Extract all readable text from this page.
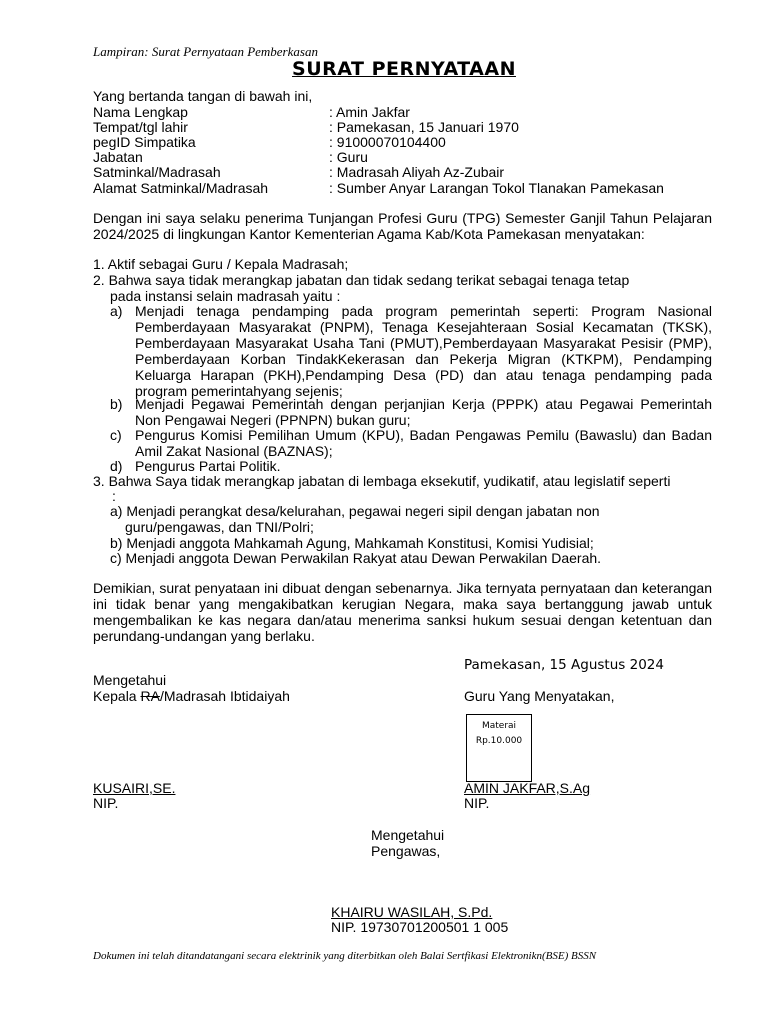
Lampiran: Surat Pernyataan Pemberkasan
SURAT PERNYATAAN
Yang bertanda tangan di bawah ini,
Nama Lengkap	: Amin Jakfar
Tempat/tgl lahir	: Pamekasan, 15 Januari 1970
pegID Simpatika	: 91000070104400
Jabatan	: Guru
Satminkal/Madrasah	: Madrasah Aliyah Az-Zubair
Alamat Satminkal/Madrasah	: Sumber Anyar Larangan Tokol Tlanakan Pamekasan
Dengan ini saya selaku penerima Tunjangan Profesi Guru (TPG) Semester Ganjil Tahun Pelajaran 2024/2025 di lingkungan Kantor Kementerian Agama Kab/Kota Pamekasan menyatakan:
1. Aktif sebagai Guru / Kepala Madrasah;
2. Bahwa saya tidak merangkap jabatan dan tidak sedang terikat sebagai tenaga tetap
pada instansi selain madrasah yaitu :
a) Menjadi tenaga pendamping pada program pemerintah seperti: Program Nasional Pemberdayaan Masyarakat (PNPM), Tenaga Kesejahteraan Sosial Kecamatan (TKSK), Pemberdayaan Masyarakat Usaha Tani (PMUT),Pemberdayaan Masyarakat Pesisir (PMP), Pemberdayaan Korban TindakKekerasan dan Pekerja Migran (KTKPM), Pendamping Keluarga Harapan (PKH),Pendamping Desa (PD) dan atau tenaga pendamping pada program pemerintahyang sejenis;
b) Menjadi Pegawai Pemerintah dengan perjanjian Kerja (PPPK) atau Pegawai Pemerintah Non Pengawai Negeri (PPNPN) bukan guru;
c) Pengurus Komisi Pemilihan Umum (KPU), Badan Pengawas Pemilu (Bawaslu) dan Badan Amil Zakat Nasional (BAZNAS);
d) Pengurus Partai Politik.
3. Bahwa Saya tidak merangkap jabatan di lembaga eksekutif, yudikatif, atau legislatif seperti
:
a) Menjadi perangkat desa/kelurahan, pegawai negeri sipil dengan jabatan non
guru/pengawas, dan TNI/Polri;
b) Menjadi anggota Mahkamah Agung, Mahkamah Konstitusi, Komisi Yudisial;
c) Menjadi anggota Dewan Perwakilan Rakyat atau Dewan Perwakilan Daerah.
Demikian, surat penyataan ini dibuat dengan sebenarnya. Jika ternyata pernyataan dan keterangan ini tidak benar yang mengakibatkan kerugian Negara, maka saya bertanggung jawab untuk mengembalikan ke kas negara dan/atau menerima sanksi hukum sesuai dengan ketentuan dan perundang-undangan yang berlaku.
Pamekasan, 15 Agustus 2024
Mengetahui
Kepala RA/Madrasah Ibtidaiyah	Guru Yang Menyatakan,
Materai
Rp.10.000
KUSAIRI,SE.
NIP.
AMIN JAKFAR,S.Ag
NIP.
Mengetahui
Pengawas,
KHAIRU WASILAH, S.Pd.
NIP. 19730701200501 1 005
Dokumen ini telah ditandatangani secara elektrinik yang diterbitkan oleh Balai Sertfikasi Elektronikn(BSE) BSSN
